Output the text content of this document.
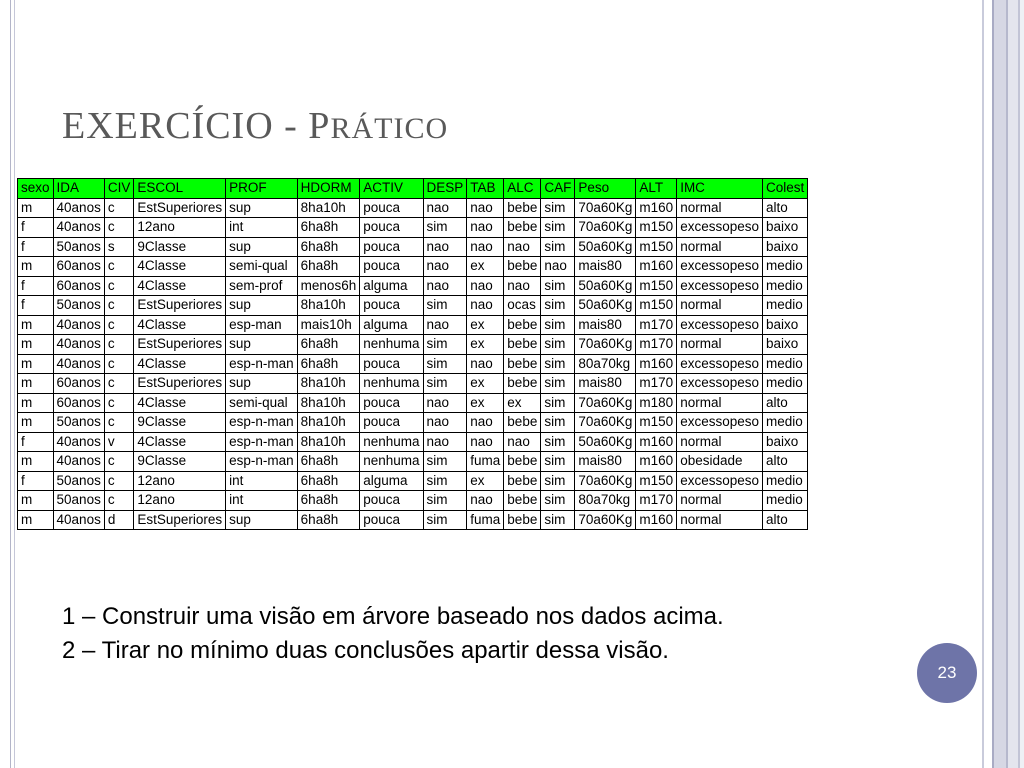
EXERCÍCIO - PRÁTICO
sexo	IDA	CIV	ESCOL	PROF	HDORM	ACTIV	DESP	TAB	ALC	CAF	Peso	ALT	IMC	Colest
m	40anos	c	EstSuperiores	sup	8ha10h	pouca	nao	nao	bebe	sim	70a60Kg	m160	normal	alto
f	40anos	c	12ano	int	6ha8h	pouca	sim	nao	bebe	sim	70a60Kg	m150	excessopeso	baixo
f	50anos	s	9Classe	sup	6ha8h	pouca	nao	nao	nao	sim	50a60Kg	m150	normal	baixo
m	60anos	c	4Classe	semi-qual	6ha8h	pouca	nao	ex	bebe	nao	mais80	m160	excessopeso	medio
f	60anos	c	4Classe	sem-prof	menos6h	alguma	nao	nao	nao	sim	50a60Kg	m150	excessopeso	medio
f	50anos	c	EstSuperiores	sup	8ha10h	pouca	sim	nao	ocas	sim	50a60Kg	m150	normal	medio
m	40anos	c	4Classe	esp-man	mais10h	alguma	nao	ex	bebe	sim	mais80	m170	excessopeso	baixo
m	40anos	c	EstSuperiores	sup	6ha8h	nenhuma	sim	ex	bebe	sim	70a60Kg	m170	normal	baixo
m	40anos	c	4Classe	esp-n-man	6ha8h	pouca	sim	nao	bebe	sim	80a70kg	m160	excessopeso	medio
m	60anos	c	EstSuperiores	sup	8ha10h	nenhuma	sim	ex	bebe	sim	mais80	m170	excessopeso	medio
m	60anos	c	4Classe	semi-qual	8ha10h	pouca	nao	ex	ex	sim	70a60Kg	m180	normal	alto
m	50anos	c	9Classe	esp-n-man	8ha10h	pouca	nao	nao	bebe	sim	70a60Kg	m150	excessopeso	medio
f	40anos	v	4Classe	esp-n-man	8ha10h	nenhuma	nao	nao	nao	sim	50a60Kg	m160	normal	baixo
m	40anos	c	9Classe	esp-n-man	6ha8h	nenhuma	sim	fuma	bebe	sim	mais80	m160	obesidade	alto
f	50anos	c	12ano	int	6ha8h	alguma	sim	ex	bebe	sim	70a60Kg	m150	excessopeso	medio
m	50anos	c	12ano	int	6ha8h	pouca	sim	nao	bebe	sim	80a70kg	m170	normal	medio
m	40anos	d	EstSuperiores	sup	6ha8h	pouca	sim	fuma	bebe	sim	70a60Kg	m160	normal	alto

1 – Construir uma visão em árvore baseado nos dados acima.

2 – Tirar no mínimo duas conclusões apartir dessa visão.

23
